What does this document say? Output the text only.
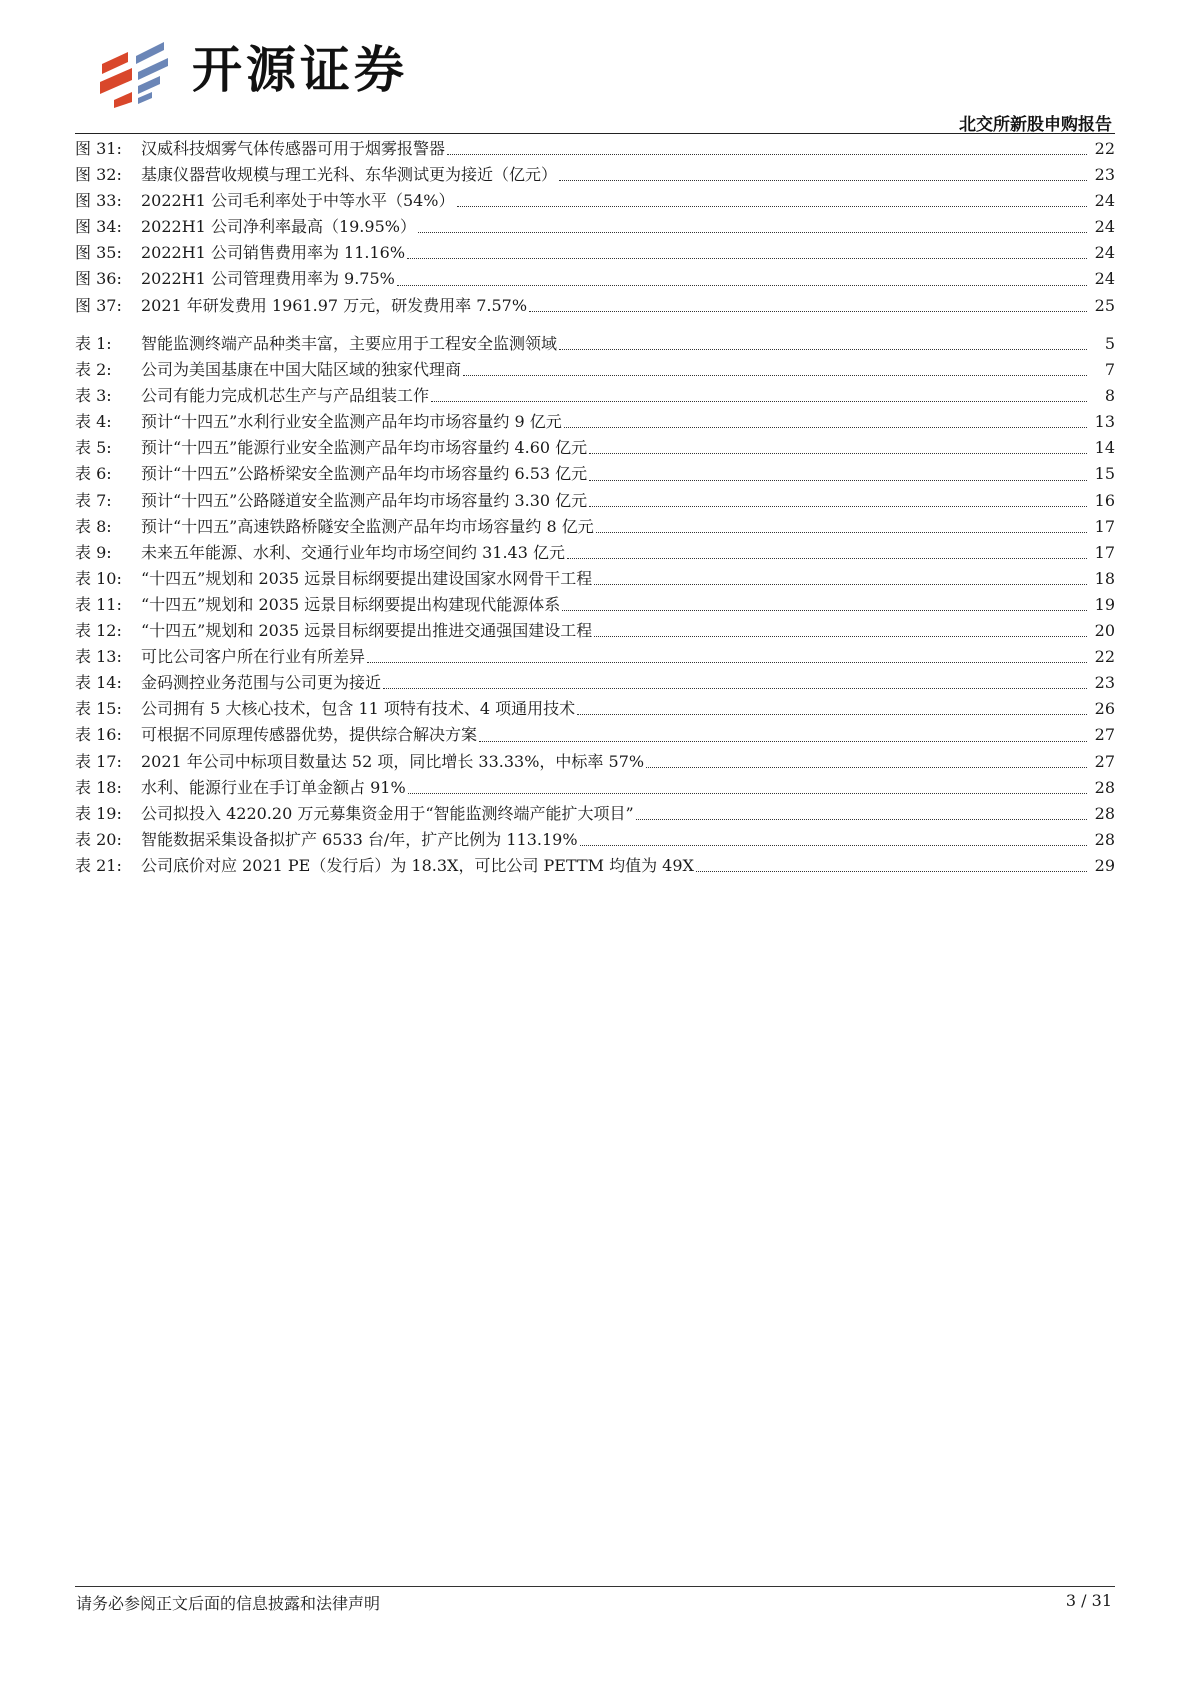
开源证券
北交所新股申购报告
图 31:	汉威科技烟雾气体传感器可用于烟雾报警器	22
图 32:	基康仪器营收规模与理工光科、东华测试更为接近（亿元）	23
图 33:	2022H1 公司毛利率处于中等水平（54%）	24
图 34:	2022H1 公司净利率最高（19.95%）	24
图 35:	2022H1 公司销售费用率为 11.16%	24
图 36:	2022H1 公司管理费用率为 9.75%	24
图 37:	2021 年研发费用 1961.97 万元，研发费用率 7.57%	25
表 1:	智能监测终端产品种类丰富，主要应用于工程安全监测领域	5
表 2:	公司为美国基康在中国大陆区域的独家代理商	7
表 3:	公司有能力完成机芯生产与产品组装工作	8
表 4:	预计“十四五”水利行业安全监测产品年均市场容量约 9 亿元	13
表 5:	预计“十四五”能源行业安全监测产品年均市场容量约 4.60 亿元	14
表 6:	预计“十四五”公路桥梁安全监测产品年均市场容量约 6.53 亿元	15
表 7:	预计“十四五”公路隧道安全监测产品年均市场容量约 3.30 亿元	16
表 8:	预计“十四五”高速铁路桥隧安全监测产品年均市场容量约 8 亿元	17
表 9:	未来五年能源、水利、交通行业年均市场空间约 31.43 亿元	17
表 10:	“十四五”规划和 2035 远景目标纲要提出建设国家水网骨干工程	18
表 11:	“十四五”规划和 2035 远景目标纲要提出构建现代能源体系	19
表 12:	“十四五”规划和 2035 远景目标纲要提出推进交通强国建设工程	20
表 13:	可比公司客户所在行业有所差异	22
表 14:	金码测控业务范围与公司更为接近	23
表 15:	公司拥有 5 大核心技术，包含 11 项特有技术、4 项通用技术	26
表 16:	可根据不同原理传感器优势，提供综合解决方案	27
表 17:	2021 年公司中标项目数量达 52 项，同比增长 33.33%，中标率 57%	27
表 18:	水利、能源行业在手订单金额占 91%	28
表 19:	公司拟投入 4220.20 万元募集资金用于“智能监测终端产能扩大项目”	28
表 20:	智能数据采集设备拟扩产 6533 台/年，扩产比例为 113.19%	28
表 21:	公司底价对应 2021 PE（发行后）为 18.3X，可比公司 PETTM 均值为 49X	29
请务必参阅正文后面的信息披露和法律声明	3 / 31
